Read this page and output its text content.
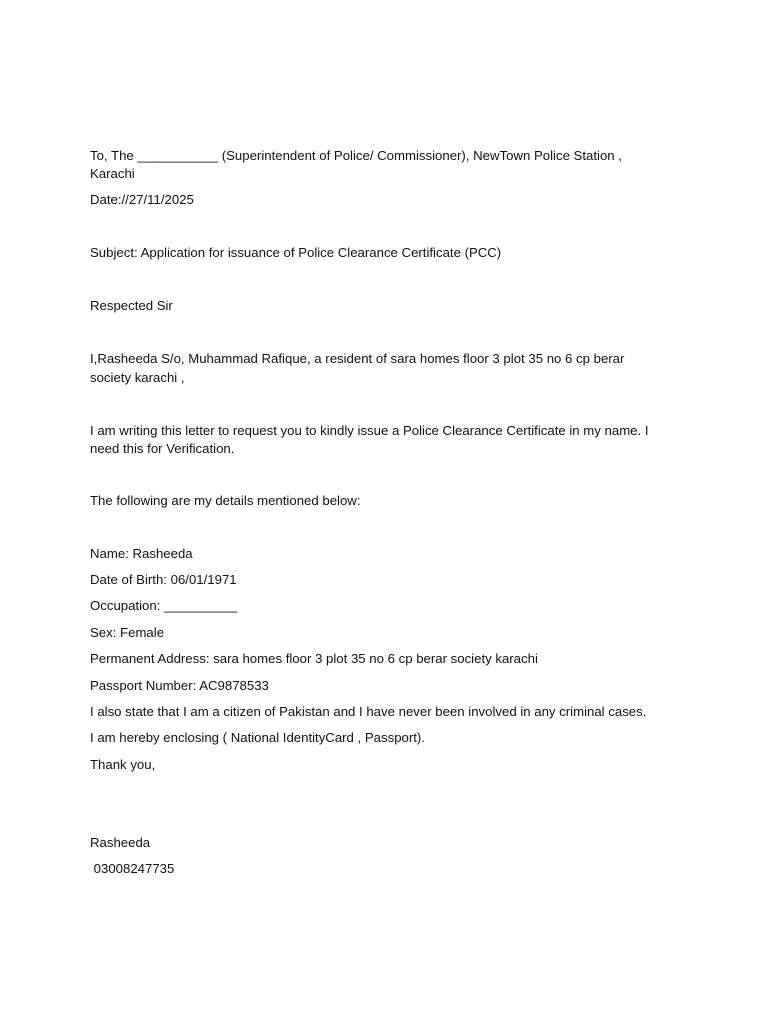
To, The ___________ (Superintendent of Police/ Commissioner), NewTown Police Station ,
Karachi
Date://27/11/2025
Subject: Application for issuance of Police Clearance Certificate (PCC)
Respected Sir
I,Rasheeda S/o, Muhammad Rafique, a resident of sara homes floor 3 plot 35 no 6 cp berar
society karachi ,
I am writing this letter to request you to kindly issue a Police Clearance Certificate in my name. I
need this for Verification.
The following are my details mentioned below:
Name: Rasheeda
Date of Birth: 06/01/1971
Occupation: __________
Sex: Female
Permanent Address: sara homes floor 3 plot 35 no 6 cp berar society karachi
Passport Number: AC9878533
I also state that I am a citizen of Pakistan and I have never been involved in any criminal cases.
I am hereby enclosing ( National IdentityCard , Passport).
Thank you,
Rasheeda
03008247735
